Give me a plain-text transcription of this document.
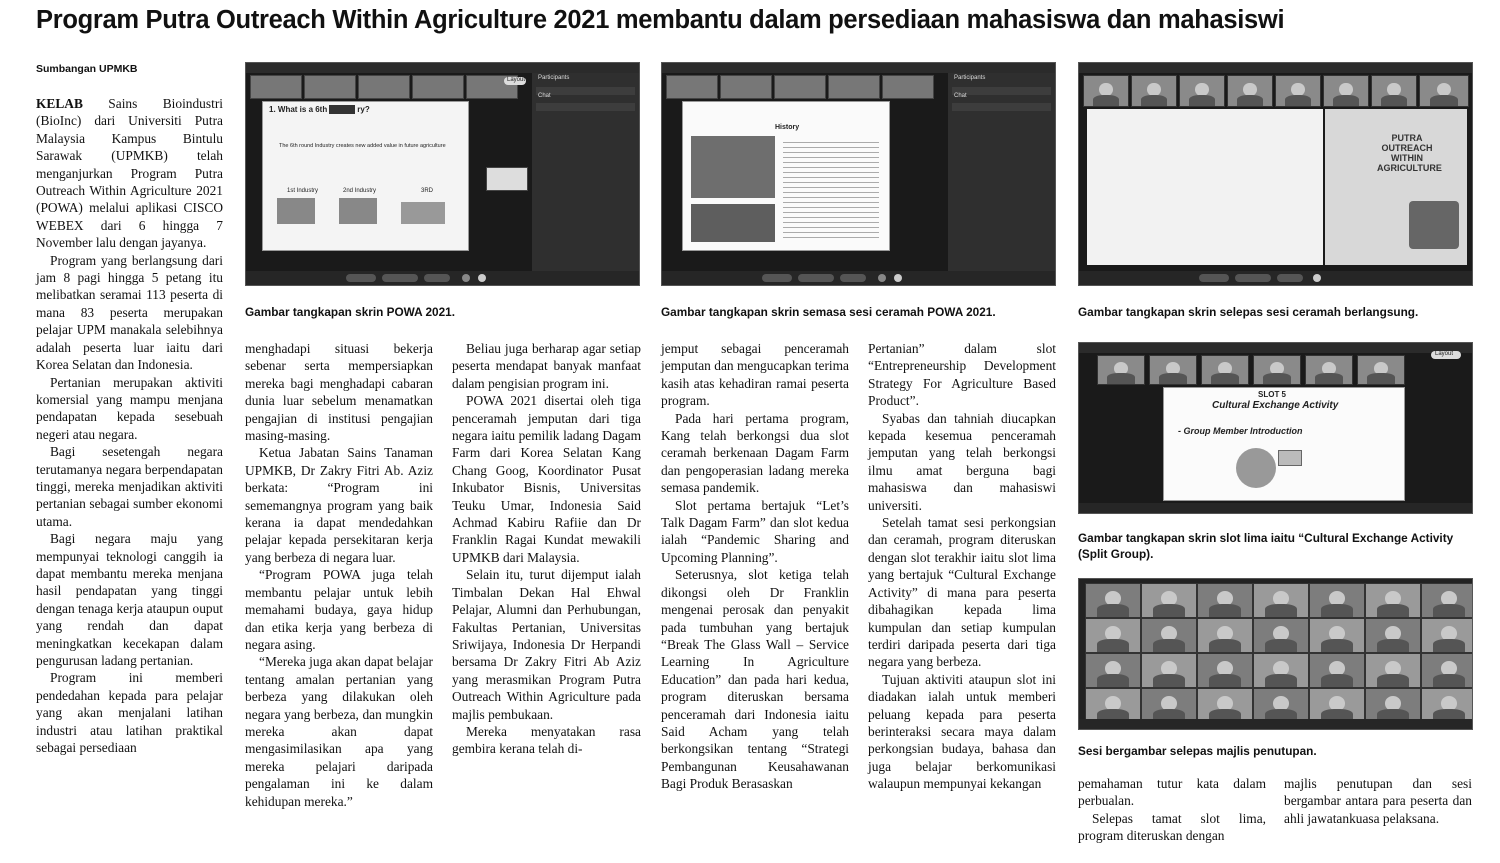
Program Putra Outreach Within Agriculture 2021 membantu dalam persediaan mahasiswa dan mahasiswi
Sumbangan UPMKB

KELAB Sains Bioindustri (BioInc) dari Universiti Putra Malaysia Kampus Bintulu Sarawak (UPMKB) telah menganjurkan Program Putra Outreach Within Agriculture 2021 (POWA) melalui aplikasi CISCO WEBEX dari 6 hingga 7 November lalu dengan jayanya.

Program yang berlangsung dari jam 8 pagi hingga 5 petang itu melibatkan seramai 113 peserta di mana 83 peserta merupakan pelajar UPM manakala selebihnya adalah peserta luar iaitu dari Korea Selatan dan Indonesia.

Pertanian merupakan aktiviti komersial yang mampu menjana pendapatan kepada sesebuah negeri atau negara.

Bagi sesetengah negara terutamanya negara berpendapatan tinggi, mereka menjadikan aktiviti pertanian sebagai sumber ekonomi utama.

Bagi negara maju yang mempunyai teknologi canggih ia dapat membantu mereka menjana hasil pendapatan yang tinggi dengan tenaga kerja ataupun ouput yang rendah dan dapat meningkatkan kecekapan dalam pengurusan ladang pertanian.

Program ini memberi pendedahan kepada para pelajar yang akan menjalani latihan industri atau latihan praktikal sebagai persediaan

Layout
1. What is a 6th	ry?
The 6th round Industry creates new added value in future agriculture
1st Industry	2nd Industry	3RD
Participants
Chat
History
Participants
Chat
PUTRA OUTREACH WITHIN AGRICULTURE
Gambar tangkapan skrin POWA 2021.	Gambar tangkapan skrin semasa sesi ceramah POWA 2021.	Gambar tangkapan skrin selepas sesi ceramah berlangsung.
Layout
SLOT 5
Cultural Exchange Activity
- Group Member Introduction
Gambar tangkapan skrin slot lima iaitu “Cultural Exchange Activity (Split Group).
Sesi bergambar selepas majlis penutupan.

menghadapi situasi bekerja sebenar serta mempersiapkan mereka bagi menghadapi cabaran dunia luar sebelum menamatkan pengajian di institusi pengajian masing-masing.

Ketua Jabatan Sains Tanaman UPMKB, Dr Zakry Fitri Ab. Aziz berkata: “Program ini sememangnya program yang baik kerana ia dapat mendedahkan pelajar kepada persekitaran kerja yang berbeza di negara luar.

“Program POWA juga telah membantu pelajar untuk lebih memahami budaya, gaya hidup dan etika kerja yang berbeza di negara asing.

“Mereka juga akan dapat belajar tentang amalan pertanian yang berbeza yang dilakukan oleh negara yang berbeza, dan mungkin mereka akan dapat mengasimilasikan apa yang mereka pelajari daripada pengalaman ini ke dalam kehidupan mereka.”

Beliau juga berharap agar setiap peserta mendapat banyak manfaat dalam pengisian program ini.

POWA 2021 disertai oleh tiga penceramah jemputan dari tiga negara iaitu pemilik ladang Dagam Farm dari Korea Selatan Kang Chang Goog, Koordinator Pusat Inkubator Bisnis, Universitas Teuku Umar, Indonesia Said Achmad Kabiru Rafiie dan Dr Franklin Ragai Kundat mewakili UPMKB dari Malaysia.

Selain itu, turut dijemput ialah Timbalan Dekan Hal Ehwal Pelajar, Alumni dan Perhubungan, Fakultas Pertanian, Universitas Sriwijaya, Indonesia Dr Herpandi bersama Dr Zakry Fitri Ab Aziz yang merasmikan Program Putra Outreach Within Agriculture pada majlis pembukaan.

Mereka menyatakan rasa gembira kerana telah di-

jemput sebagai penceramah jemputan dan mengucapkan terima kasih atas kehadiran ramai peserta program.

Pada hari pertama program, Kang telah berkongsi dua slot ceramah berkenaan Dagam Farm dan pengoperasian ladang mereka semasa pandemik.

Slot pertama bertajuk “Let’s Talk Dagam Farm” dan slot kedua ialah “Pandemic Sharing and Upcoming Planning”.

Seterusnya, slot ketiga telah dikongsi oleh Dr Franklin mengenai perosak dan penyakit pada tumbuhan yang bertajuk “Break The Glass Wall – Service Learning In Agriculture Education” dan pada hari kedua, program diteruskan bersama penceramah dari Indonesia iaitu Said Acham yang telah berkongsikan tentang “Strategi Pembangunan Keusahawanan Bagi Produk Berasaskan

Pertanian” dalam slot “Entrepreneurship Development Strategy For Agriculture Based Product”.

Syabas dan tahniah diucapkan kepada kesemua penceramah jemputan yang telah berkongsi ilmu amat berguna bagi mahasiswa dan mahasiswi universiti.

Setelah tamat sesi perkongsian dan ceramah, program diteruskan dengan slot terakhir iaitu slot lima yang bertajuk “Cultural Exchange Activity” di mana para peserta dibahagikan kepada lima kumpulan dan setiap kumpulan terdiri daripada peserta dari tiga negara yang berbeza.

Tujuan aktiviti ataupun slot ini diadakan ialah untuk memberi peluang kepada para peserta berinteraksi secara maya dalam perkongsian budaya, bahasa dan juga belajar berkomunikasi walaupun mempunyai kekangan	pemahaman tutur kata dalam perbualan.

Selepas tamat slot lima, program diteruskan dengan

majlis penutupan dan sesi bergambar antara para peserta dan ahli jawatankuasa pelaksana.
